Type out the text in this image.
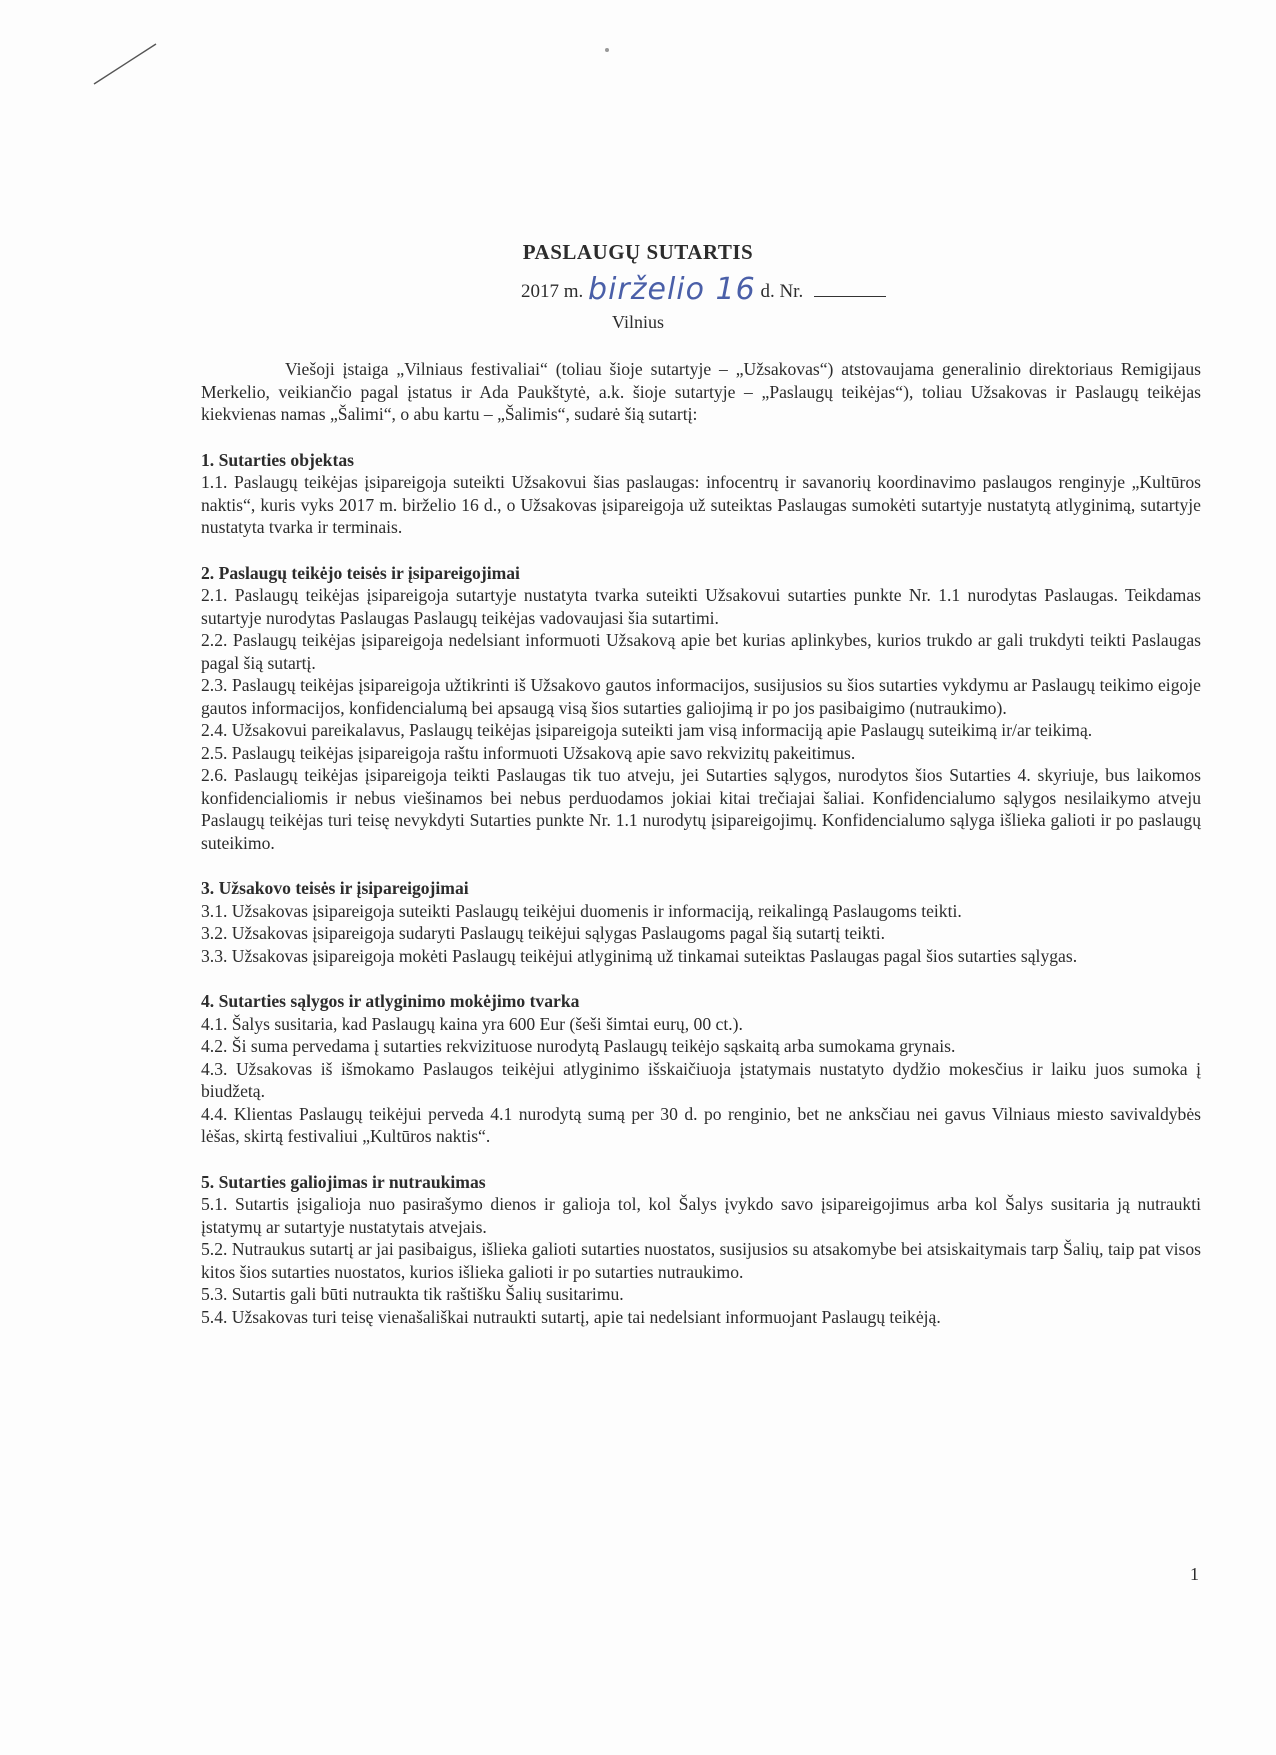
PASLAUGŲ SUTARTIS
2017 m. birželio 16 d. Nr.
Vilnius

Viešoji įstaiga „Vilniaus festivaliai“ (toliau šioje sutartyje – „Užsakovas“) atstovaujama generalinio direktoriaus Remigijaus Merkelio, veikiančio pagal įstatus ir Ada Paukštytė, a.k. šioje sutartyje – „Paslaugų teikėjas“), toliau Užsakovas ir Paslaugų teikėjas kiekvienas namas „Šalimi“, o abu kartu – „Šalimis“, sudarė šią sutartį:

1. Sutarties objektas

1.1. Paslaugų teikėjas įsipareigoja suteikti Užsakovui šias paslaugas: infocentrų ir savanorių koordinavimo paslaugos renginyje „Kultūros naktis“, kuris vyks 2017 m. birželio 16 d., o Užsakovas įsipareigoja už suteiktas Paslaugas sumokėti sutartyje nustatytą atlyginimą, sutartyje nustatyta tvarka ir terminais.

2. Paslaugų teikėjo teisės ir įsipareigojimai

2.1. Paslaugų teikėjas įsipareigoja sutartyje nustatyta tvarka suteikti Užsakovui sutarties punkte Nr. 1.1 nurodytas Paslaugas. Teikdamas sutartyje nurodytas Paslaugas Paslaugų teikėjas vadovaujasi šia sutartimi.

2.2. Paslaugų teikėjas įsipareigoja nedelsiant informuoti Užsakovą apie bet kurias aplinkybes, kurios trukdo ar gali trukdyti teikti Paslaugas pagal šią sutartį.

2.3. Paslaugų teikėjas įsipareigoja užtikrinti iš Užsakovo gautos informacijos, susijusios su šios sutarties vykdymu ar Paslaugų teikimo eigoje gautos informacijos, konfidencialumą bei apsaugą visą šios sutarties galiojimą ir po jos pasibaigimo (nutraukimo).

2.4. Užsakovui pareikalavus, Paslaugų teikėjas įsipareigoja suteikti jam visą informaciją apie Paslaugų suteikimą ir/ar teikimą.

2.5. Paslaugų teikėjas įsipareigoja raštu informuoti Užsakovą apie savo rekvizitų pakeitimus.

2.6. Paslaugų teikėjas įsipareigoja teikti Paslaugas tik tuo atveju, jei Sutarties sąlygos, nurodytos šios Sutarties 4. skyriuje, bus laikomos konfidencialiomis ir nebus viešinamos bei nebus perduodamos jokiai kitai trečiajai šaliai. Konfidencialumo sąlygos nesilaikymo atveju Paslaugų teikėjas turi teisę nevykdyti Sutarties punkte Nr. 1.1 nurodytų įsipareigojimų. Konfidencialumo sąlyga išlieka galioti ir po paslaugų suteikimo.

3. Užsakovo teisės ir įsipareigojimai

3.1. Užsakovas įsipareigoja suteikti Paslaugų teikėjui duomenis ir informaciją, reikalingą Paslaugoms teikti.

3.2. Užsakovas įsipareigoja sudaryti Paslaugų teikėjui sąlygas Paslaugoms pagal šią sutartį teikti.

3.3. Užsakovas įsipareigoja mokėti Paslaugų teikėjui atlyginimą už tinkamai suteiktas Paslaugas pagal šios sutarties sąlygas.

4. Sutarties sąlygos ir atlyginimo mokėjimo tvarka

4.1. Šalys susitaria, kad Paslaugų kaina yra 600 Eur (šeši šimtai eurų, 00 ct.).

4.2. Ši suma pervedama į sutarties rekvizituose nurodytą Paslaugų teikėjo sąskaitą arba sumokama grynais.

4.3. Užsakovas iš išmokamo Paslaugos teikėjui atlyginimo išskaičiuoja įstatymais nustatyto dydžio mokesčius ir laiku juos sumoka į biudžetą.

4.4. Klientas Paslaugų teikėjui perveda 4.1 nurodytą sumą per 30 d. po renginio, bet ne anksčiau nei gavus Vilniaus miesto savivaldybės lėšas, skirtą festivaliui „Kultūros naktis“.

5. Sutarties galiojimas ir nutraukimas

5.1. Sutartis įsigalioja nuo pasirašymo dienos ir galioja tol, kol Šalys įvykdo savo įsipareigojimus arba kol Šalys susitaria ją nutraukti įstatymų ar sutartyje nustatytais atvejais.

5.2. Nutraukus sutartį ar jai pasibaigus, išlieka galioti sutarties nuostatos, susijusios su atsakomybe bei atsiskaitymais tarp Šalių, taip pat visos kitos šios sutarties nuostatos, kurios išlieka galioti ir po sutarties nutraukimo.

5.3. Sutartis gali būti nutraukta tik raštišku Šalių susitarimu.

5.4. Užsakovas turi teisę vienašališkai nutraukti sutartį, apie tai nedelsiant informuojant Paslaugų teikėją.

1
